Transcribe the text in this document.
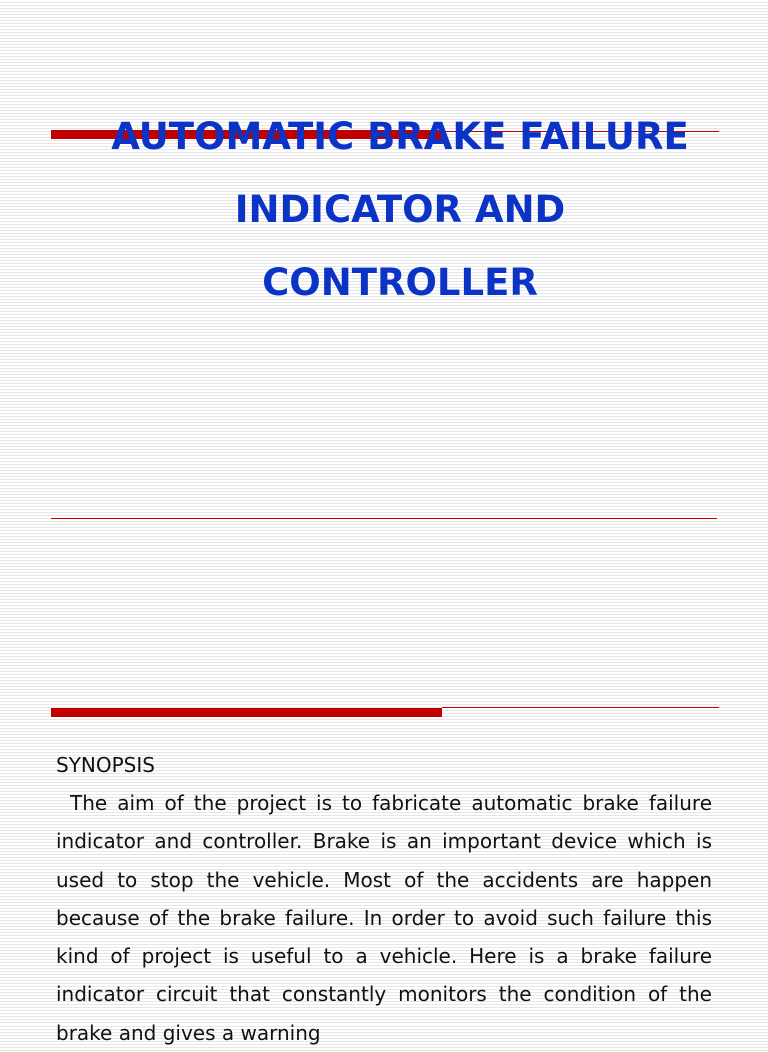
AUTOMATIC BRAKE FAILURE
INDICATOR AND
CONTROLLER

SYNOPSIS

The aim of the project is to fabricate automatic brake failure indicator and controller. Brake is an important device which is used to stop the vehicle. Most of the accidents are happen because of the brake failure. In order to avoid such failure this kind of project is useful to a vehicle. Here is a brake failure indicator circuit that constantly monitors the condition of the brake and gives a warning
